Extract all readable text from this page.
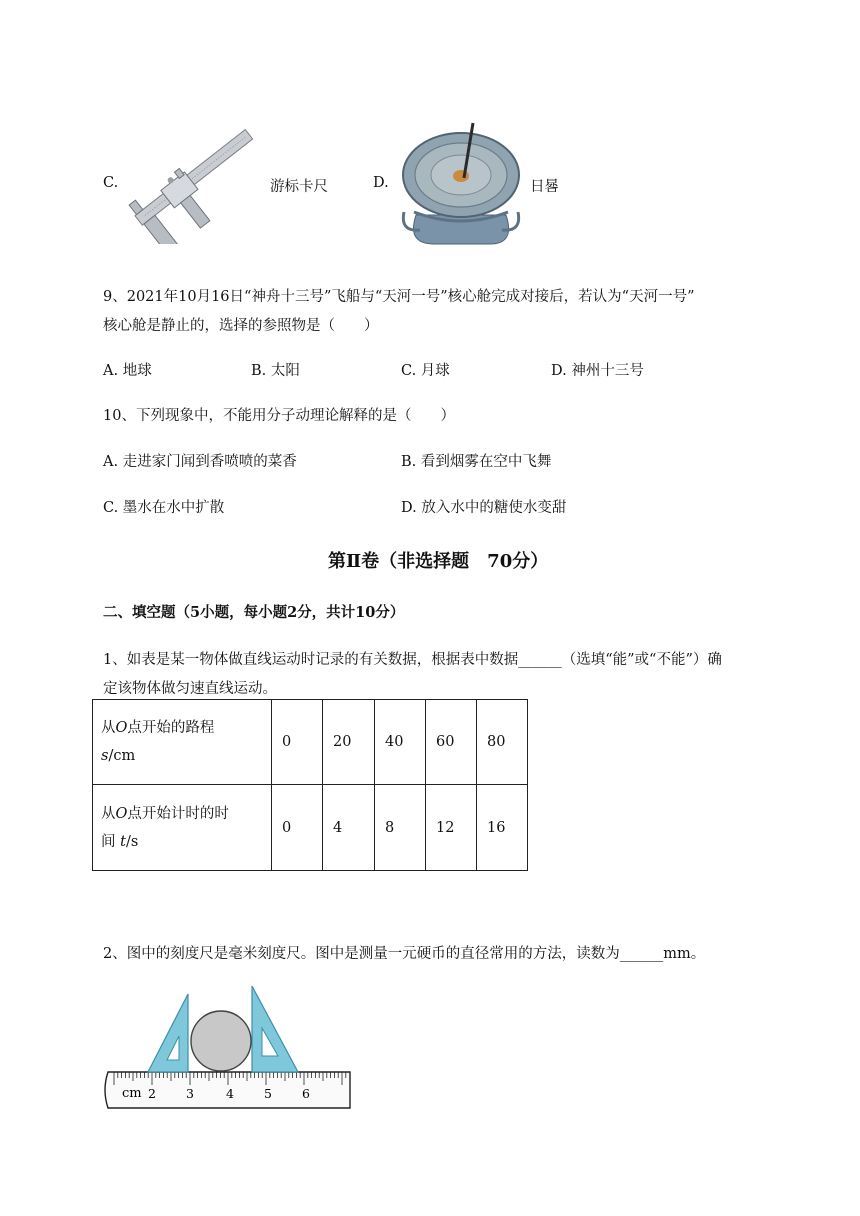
C.	游标卡尺	D.	日晷
9、2021年10月16日“神舟十三号”飞船与“天河一号”核心舱完成对接后，若认为“天河一号”
核心舱是静止的，选择的参照物是（　　）
A. 地球	B. 太阳	C. 月球	D. 神州十三号
10、下列现象中，不能用分子动理论解释的是（　　）
A. 走进家门闻到香喷喷的菜香	B. 看到烟雾在空中飞舞
C. 墨水在水中扩散	D. 放入水中的糖使水变甜
第Ⅱ卷（非选择题　70分）
二、填空题（5小题，每小题2分，共计10分）
1、如表是某一物体做直线运动时记录的有关数据，根据表中数据______（选填“能”或“不能”）确
定该物体做匀速直线运动。
从O点开始的路程
s/cm	0	20	40	60	80
从O点开始计时的时
间 t/s	0	4	8	12	16
2、图中的刻度尺是毫米刻度尺。图中是测量一元硬币的直径常用的方法，读数为______mm。
cm 2 3	4 5 6
